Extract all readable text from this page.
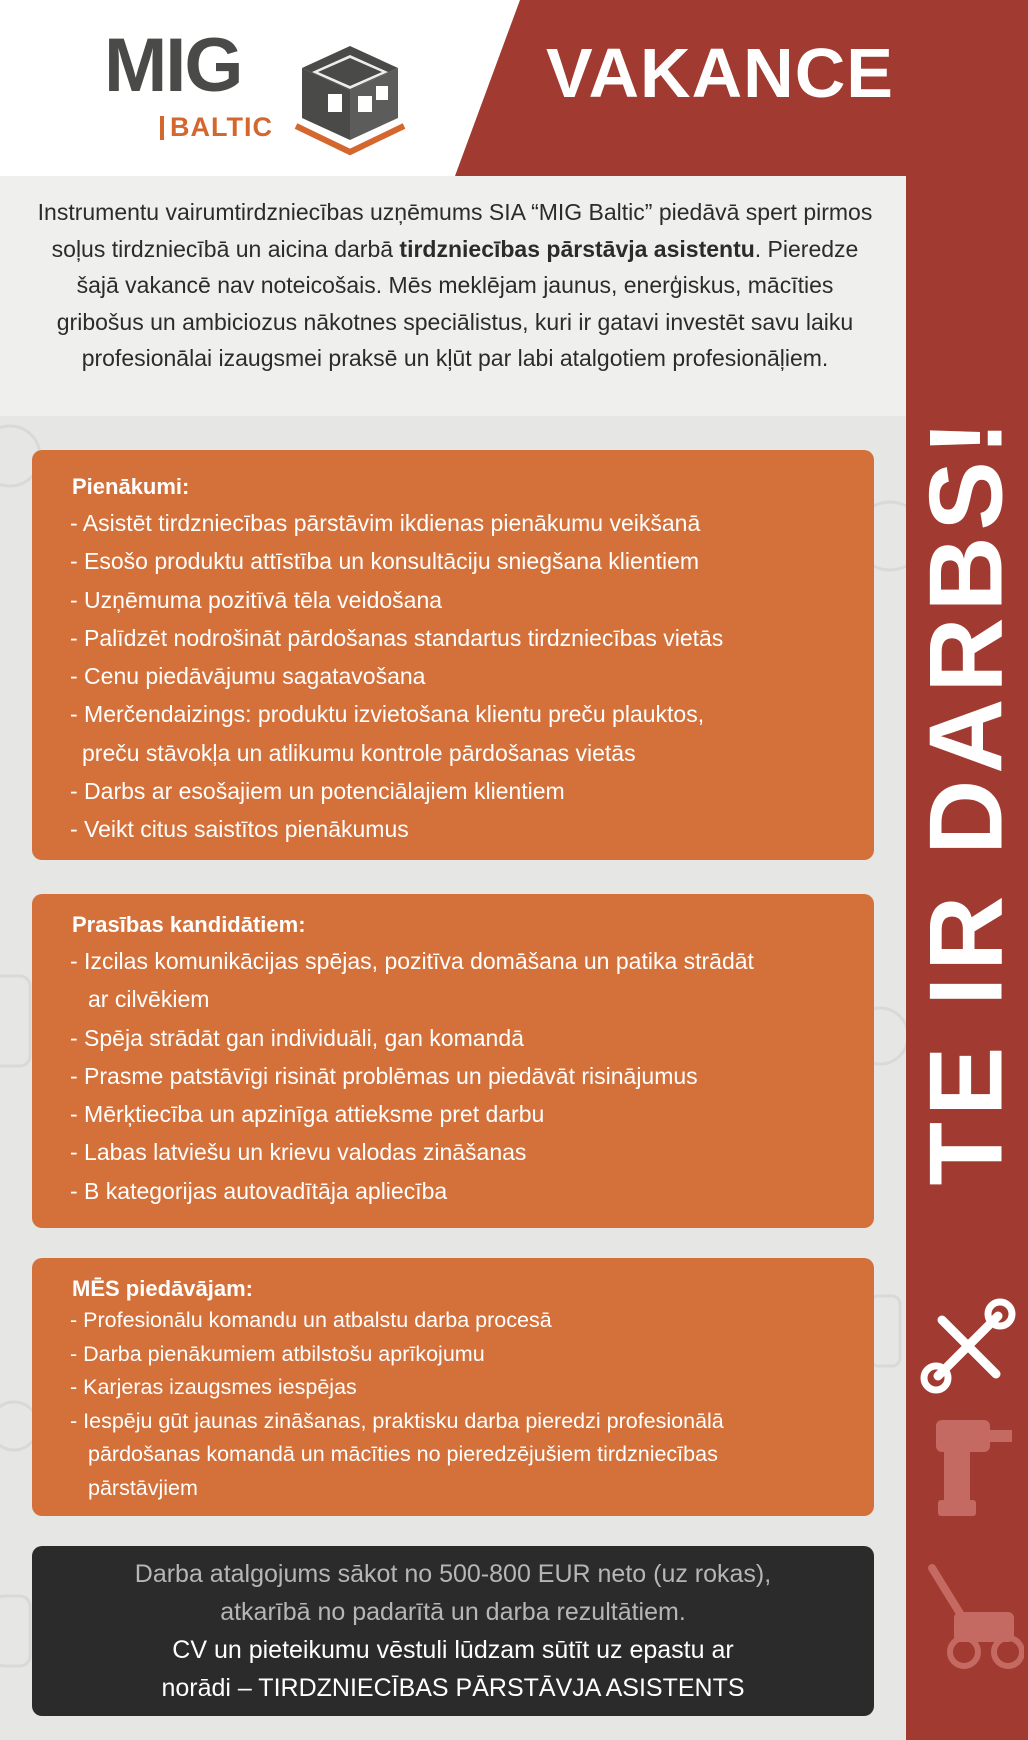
MIG
BALTIC
VAKANCE

Instrumentu vairumtirdzniecības uzņēmums SIA “MIG Baltic” piedāvā spert pirmos soļus tirdzniecībā un aicina darbā tirdzniecības pārstāvja asistentu. Pieredze šajā vakancē nav noteicošais. Mēs meklējam jaunus, enerģiskus, mācīties gribošus un ambiciozus nākotnes speciālistus, kuri ir gatavi investēt savu laiku profesionālai izaugsmei praksē un kļūt par labi atalgotiem profesionāļiem.

TE IR DARBS!
Pienākumi:
- Asistēt tirdzniecības pārstāvim ikdienas pienākumu veikšanā
- Esošo produktu attīstība un konsultāciju sniegšana klientiem
- Uzņēmuma pozitīvā tēla veidošana
- Palīdzēt nodrošināt pārdošanas standartus tirdzniecības vietās
- Cenu piedāvājumu sagatavošana
- Merčendaizings: produktu izvietošana klientu preču plauktos,
preču stāvokļa un atlikumu kontrole pārdošanas vietās
- Darbs ar esošajiem un potenciālajiem klientiem
- Veikt citus saistītos pienākumus
Prasības kandidātiem:
- Izcilas komunikācijas spējas, pozitīva domāšana un patika strādāt
ar cilvēkiem
- Spēja strādāt gan individuāli, gan komandā
- Prasme patstāvīgi risināt problēmas un piedāvāt risinājumus
- Mērķtiecība un apzinīga attieksme pret darbu
- Labas latviešu un krievu valodas zināšanas
- B kategorijas autovadītāja apliecība
MĒS piedāvājam:
- Profesionālu komandu un atbalstu darba procesā
- Darba pienākumiem atbilstošu aprīkojumu
- Karjeras izaugsmes iespējas
- Iespēju gūt jaunas zināšanas, praktisku darba pieredzi profesionālā
pārdošanas komandā un mācīties no pieredzējušiem tirdzniecības
pārstāvjiem
Darba atalgojums sākot no 500-800 EUR neto (uz rokas),
atkarībā no padarītā un darba rezultātiem.
CV un pieteikumu vēstuli lūdzam sūtīt uz epastu ar
norādi – TIRDZNIECĪBAS PĀRSTĀVJA ASISTENTS
